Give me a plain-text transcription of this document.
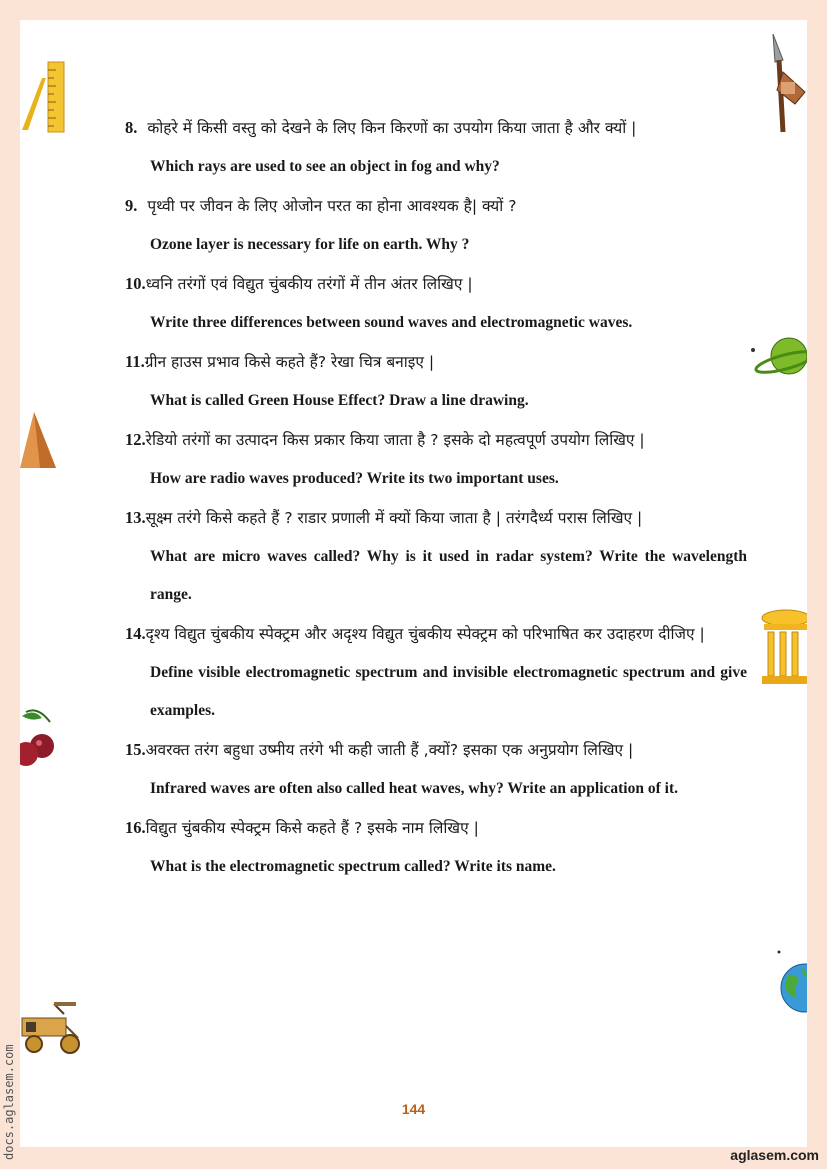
8. कोहरे में किसी वस्तु को देखने के लिए किन किरणों का उपयोग किया जाता है और क्यों |
Which rays are used to see an object in fog and why?
9. पृथ्वी पर जीवन के लिए ओजोन परत का होना आवश्यक है| क्यों ?
Ozone layer is necessary for life on earth. Why ?
10. ध्वनि तरंगों एवं विद्युत चुंबकीय तरंगों में तीन अंतर लिखिए |
Write three differences between sound waves and electromagnetic waves.
11. ग्रीन हाउस प्रभाव किसे कहते हैं? रेखा चित्र बनाइए |
What is called Green House Effect? Draw a line drawing.
12. रेडियो तरंगों का उत्पादन किस प्रकार किया जाता है ? इसके दो महत्वपूर्ण उपयोग लिखिए |
How are radio waves produced? Write its two important uses.
13. सूक्ष्म तरंगे किसे कहते हैं ? राडार प्रणाली में क्यों किया जाता है | तरंगदैर्ध्य परास लिखिए |
What are micro waves called? Why is it used in radar system? Write the wavelength range.
14. दृश्य विद्युत चुंबकीय स्पेक्ट्रम और अदृश्य विद्युत चुंबकीय स्पेक्ट्रम को परिभाषित कर उदाहरण दीजिए |
Define visible electromagnetic spectrum and invisible electromagnetic spectrum and give examples.
15. अवरक्त तरंग बहुधा उष्मीय तरंगे भी कही जाती हैं ,क्यों? इसका एक अनुप्रयोग लिखिए |
Infrared waves are often also called heat waves, why? Write an application of it.
16. विद्युत चुंबकीय स्पेक्ट्रम किसे कहते हैं ? इसके नाम लिखिए |
What is the electromagnetic spectrum called? Write its name.
144
docs.aglasem.com	aglasem.com
